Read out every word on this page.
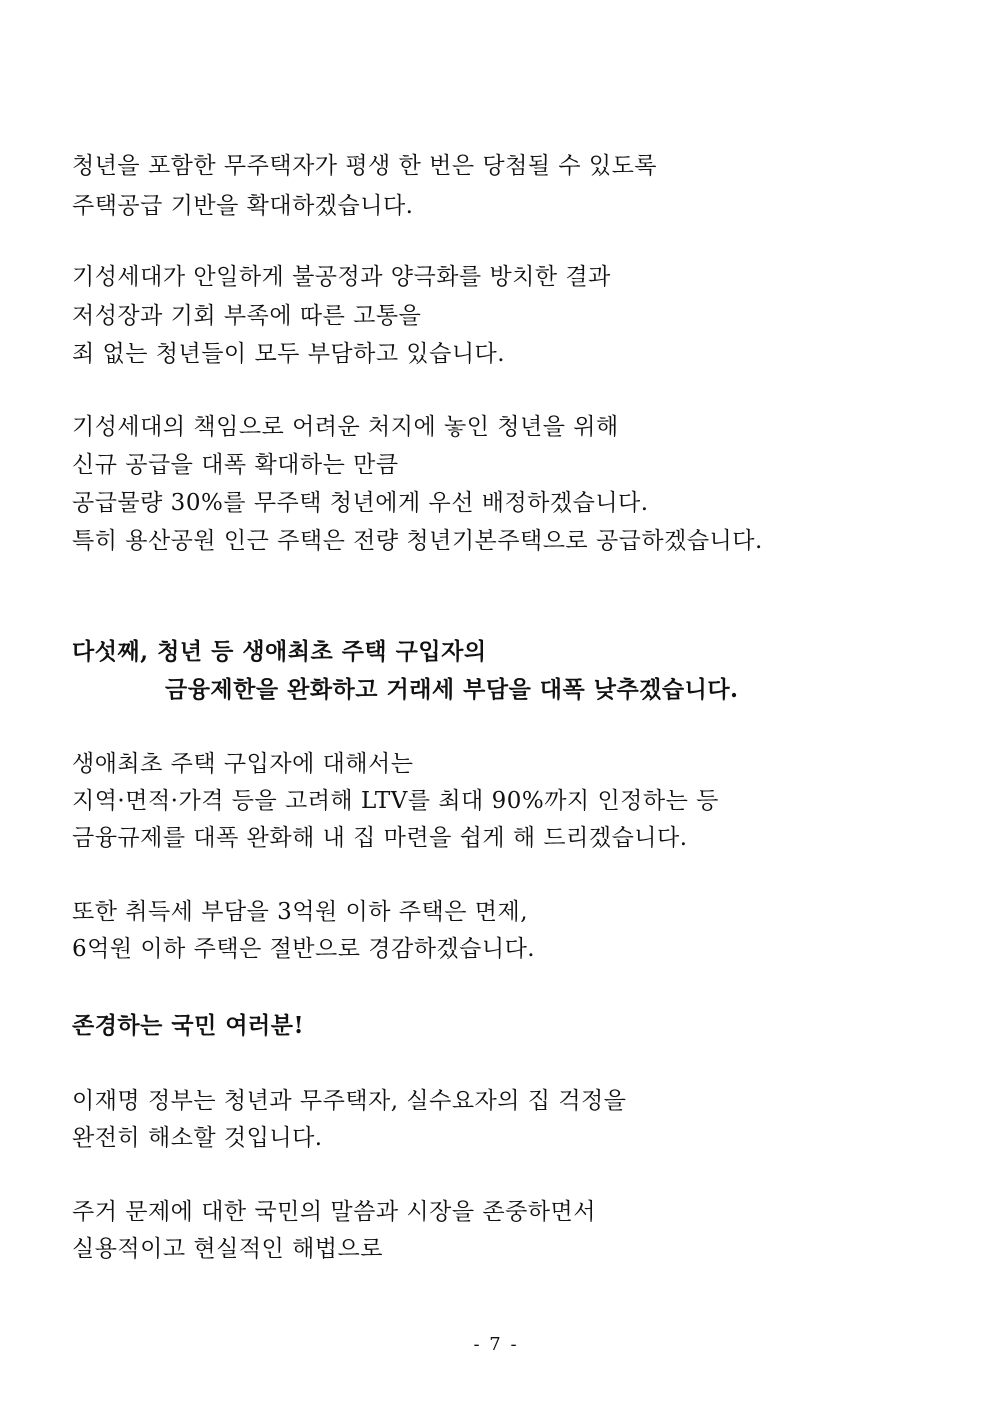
청년을 포함한 무주택자가 평생 한 번은 당첨될 수 있도록
주택공급 기반을 확대하겠습니다.
기성세대가 안일하게 불공정과 양극화를 방치한 결과
저성장과 기회 부족에 따른 고통을
죄 없는 청년들이 모두 부담하고 있습니다.
기성세대의 책임으로 어려운 처지에 놓인 청년을 위해
신규 공급을 대폭 확대하는 만큼
공급물량 30%를 무주택 청년에게 우선 배정하겠습니다.
특히 용산공원 인근 주택은 전량 청년기본주택으로 공급하겠습니다.
다섯째, 청년 등 생애최초 주택 구입자의
금융제한을 완화하고 거래세 부담을 대폭 낮추겠습니다.
생애최초 주택 구입자에 대해서는
지역·면적·가격 등을 고려해 LTV를 최대 90%까지 인정하는 등
금융규제를 대폭 완화해 내 집 마련을 쉽게 해 드리겠습니다.
또한 취득세 부담을 3억원 이하 주택은 면제,
6억원 이하 주택은 절반으로 경감하겠습니다.
존경하는 국민 여러분!
이재명 정부는 청년과 무주택자, 실수요자의 집 걱정을
완전히 해소할 것입니다.
주거 문제에 대한 국민의 말씀과 시장을 존중하면서
실용적이고 현실적인 해법으로
- 7 -
